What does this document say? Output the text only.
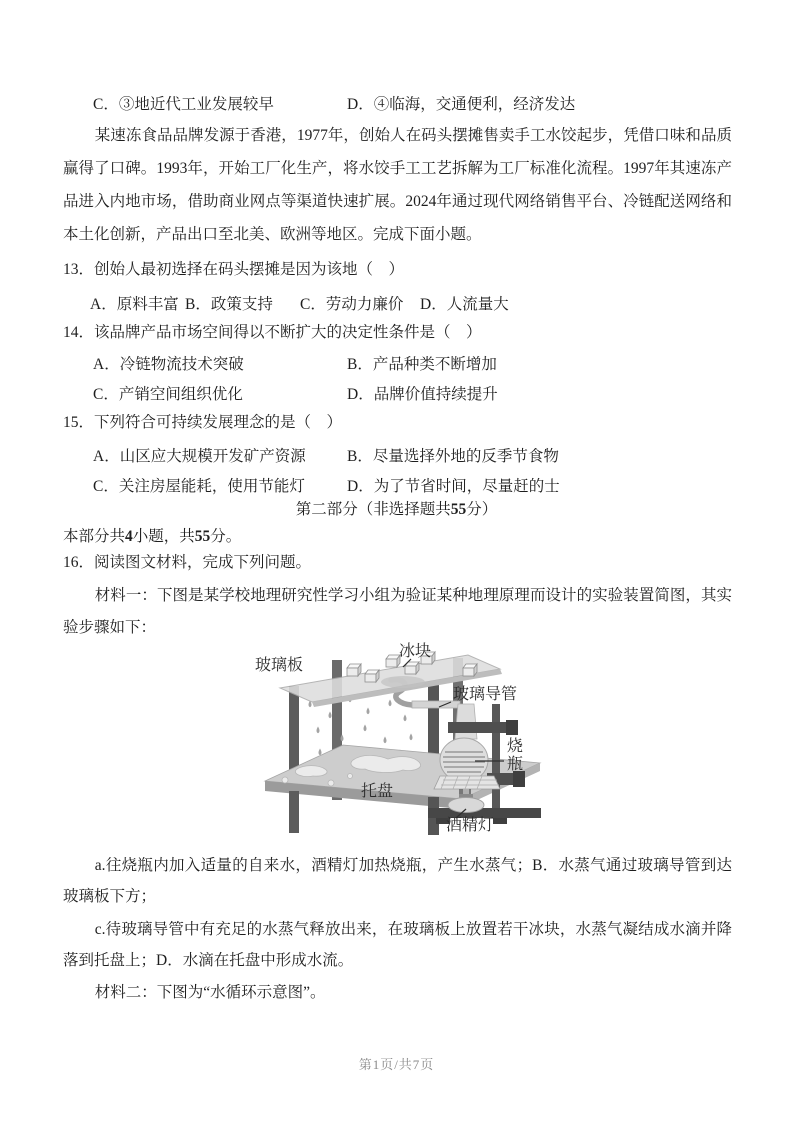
C．③地近代工业发展较早	D．④临海，交通便利，经济发达
某速冻食品品牌发源于香港，1977年，创始人在码头摆摊售卖手工水饺起步，凭借口味和品质赢得了口碑。1993年，开始工厂化生产，将水饺手工工艺拆解为工厂标准化流程。1997年其速冻产品进入内地市场，借助商业网点等渠道快速扩展。2024年通过现代网络销售平台、冷链配送网络和本土化创新，产品出口至北美、欧洲等地区。完成下面小题。
13．创始人最初选择在码头摆摊是因为该地（　）
A．原料丰富 B．政策支持 C．劳动力廉价 D．人流量大
14．该品牌产品市场空间得以不断扩大的决定性条件是（　）
A．冷链物流技术突破	B．产品种类不断增加
C．产销空间组织优化	D．品牌价值持续提升
15．下列符合可持续发展理念的是（　）
A．山区应大规模开发矿产资源	B．尽量选择外地的反季节食物
C．关注房屋能耗，使用节能灯	D．为了节省时间，尽量赶的士
第二部分（非选择题共55分）
本部分共4小题，共55分。
16．阅读图文材料，完成下列问题。
材料一：下图是某学校地理研究性学习小组为验证某种地理原理而设计的实验装置简图，其实验步骤如下：
玻璃板
冰块
玻璃导管
烧瓶
托盘
酒精灯
a.往烧瓶内加入适量的自来水，酒精灯加热烧瓶，产生水蒸气；B．水蒸气通过玻璃导管到达玻璃板下方；
c.待玻璃导管中有充足的水蒸气释放出来，在玻璃板上放置若干冰块，水蒸气凝结成水滴并降落到托盘上；D．水滴在托盘中形成水流。
材料二：下图为“水循环示意图”。
第1页/共7页
